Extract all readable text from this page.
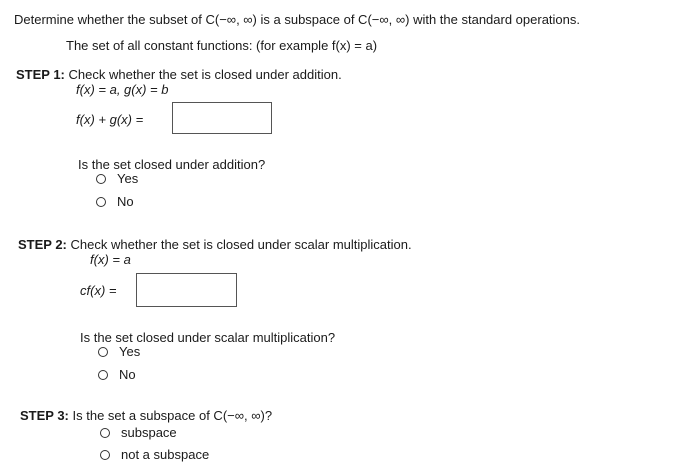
Determine whether the subset of C(−∞, ∞) is a subspace of C(−∞, ∞) with the standard operations.
The set of all constant functions: (for example f(x) = a)
STEP 1: Check whether the set is closed under addition.
f(x) = a, g(x) = b
f(x) + g(x) =
Is the set closed under addition?
Yes
No
STEP 2: Check whether the set is closed under scalar multiplication.
f(x) = a
cf(x) =
Is the set closed under scalar multiplication?
Yes
No
STEP 3: Is the set a subspace of C(−∞, ∞)?
subspace
not a subspace
